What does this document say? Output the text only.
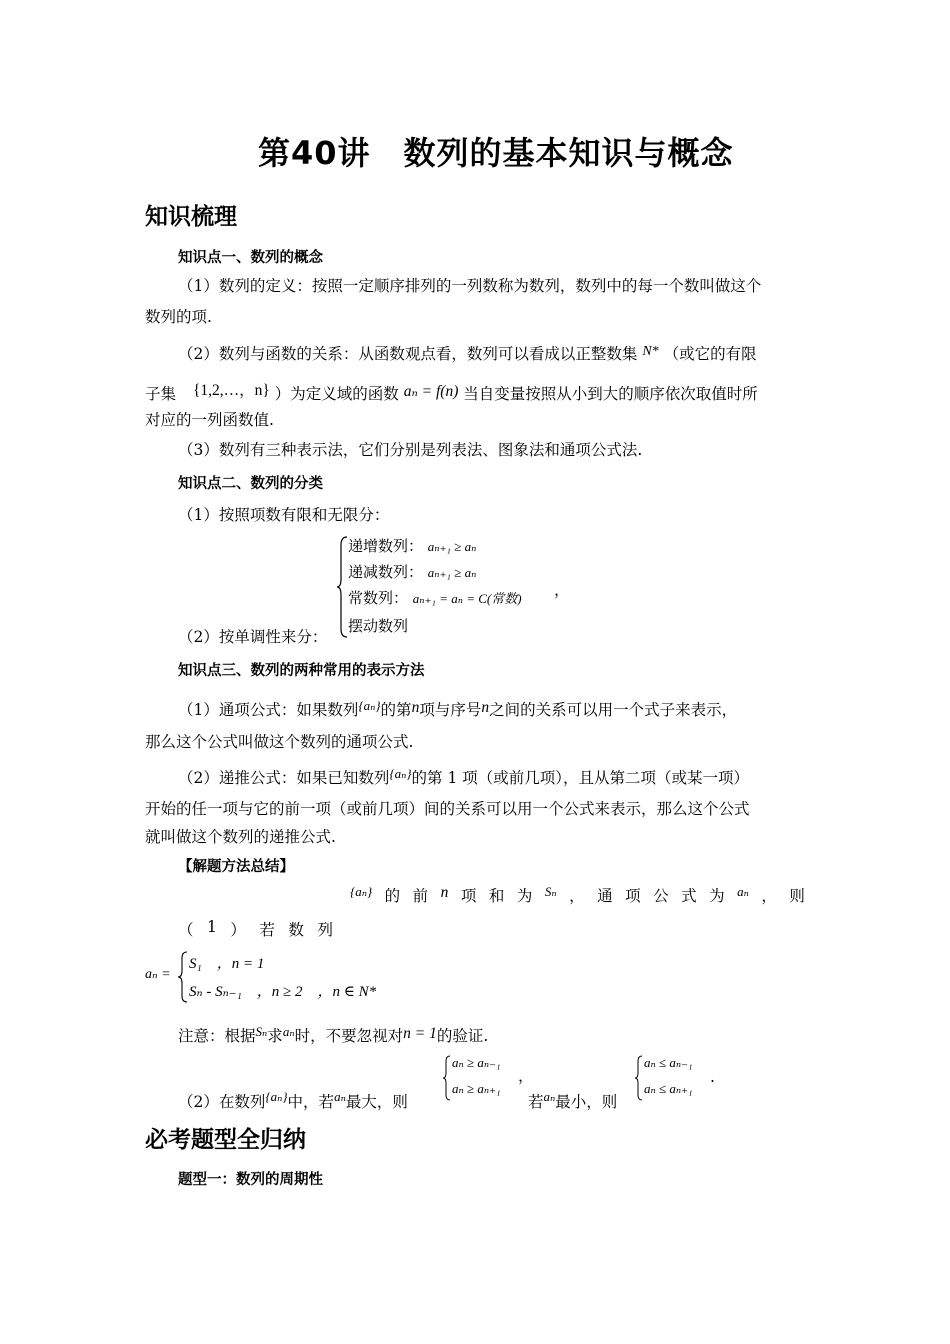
第40讲　数列的基本知识与概念
知识梳理
知识点一、数列的概念
（1）数列的定义：按照一定顺序排列的一列数称为数列，数列中的每一个数叫做这个
数列的项.
（2）数列与函数的关系：从函数观点看，数列可以看成以正整数集 N* （或它的有限
子集 {1,2,…，n} ）为定义域的函数 aₙ = f(n) 当自变量按照从小到大的顺序依次取值时所
对应的一列函数值.
（3）数列有三种表示法，它们分别是列表法、图象法和通项公式法.
知识点二、数列的分类
（1）按照项数有限和无限分：
递增数列： aₙ₊₁ ≥ aₙ
递减数列： aₙ₊₁ ≥ aₙ
常数列： aₙ₊₁ = aₙ = C(常数)
摆动数列
，
（2）按单调性来分：
知识点三、数列的两种常用的表示方法
（1）通项公式：如果数列$^{\{a_n\}}$的第n项与序号n之间的关系可以用一个式子来表示，
那么这个公式叫做这个数列的通项公式.
（2）递推公式：如果已知数列$^{\{a_n\}}$的第 1 项（或前几项），且从第二项（或某一项）
开始的任一项与它的前一项（或前几项）间的关系可以用一个公式来表示，那么这个公式
就叫做这个数列的递推公式.
【解题方法总结】
{aₙ} 的 前 n 项 和 为 Sₙ ， 通 项 公 式 为 aₙ ， 则
（ 1 ） 若 数 列
aₙ =
S₁　，n = 1
Sₙ - Sₙ₋₁　，n ≥ 2　，n ∈ N*
注意：根据$^{S_n}$求$^{a_n}$时，不要忽视对n = 1的验证.
（2）在数列$^{\{a_n\}}$中，若$^{a_n}$最大，则
aₙ ≥ aₙ₋₁
aₙ ≥ aₙ₊₁
，
若$^{a_n}$最小，则
aₙ ≤ aₙ₋₁
aₙ ≤ aₙ₊₁
.
必考题型全归纳
题型一：数列的周期性
